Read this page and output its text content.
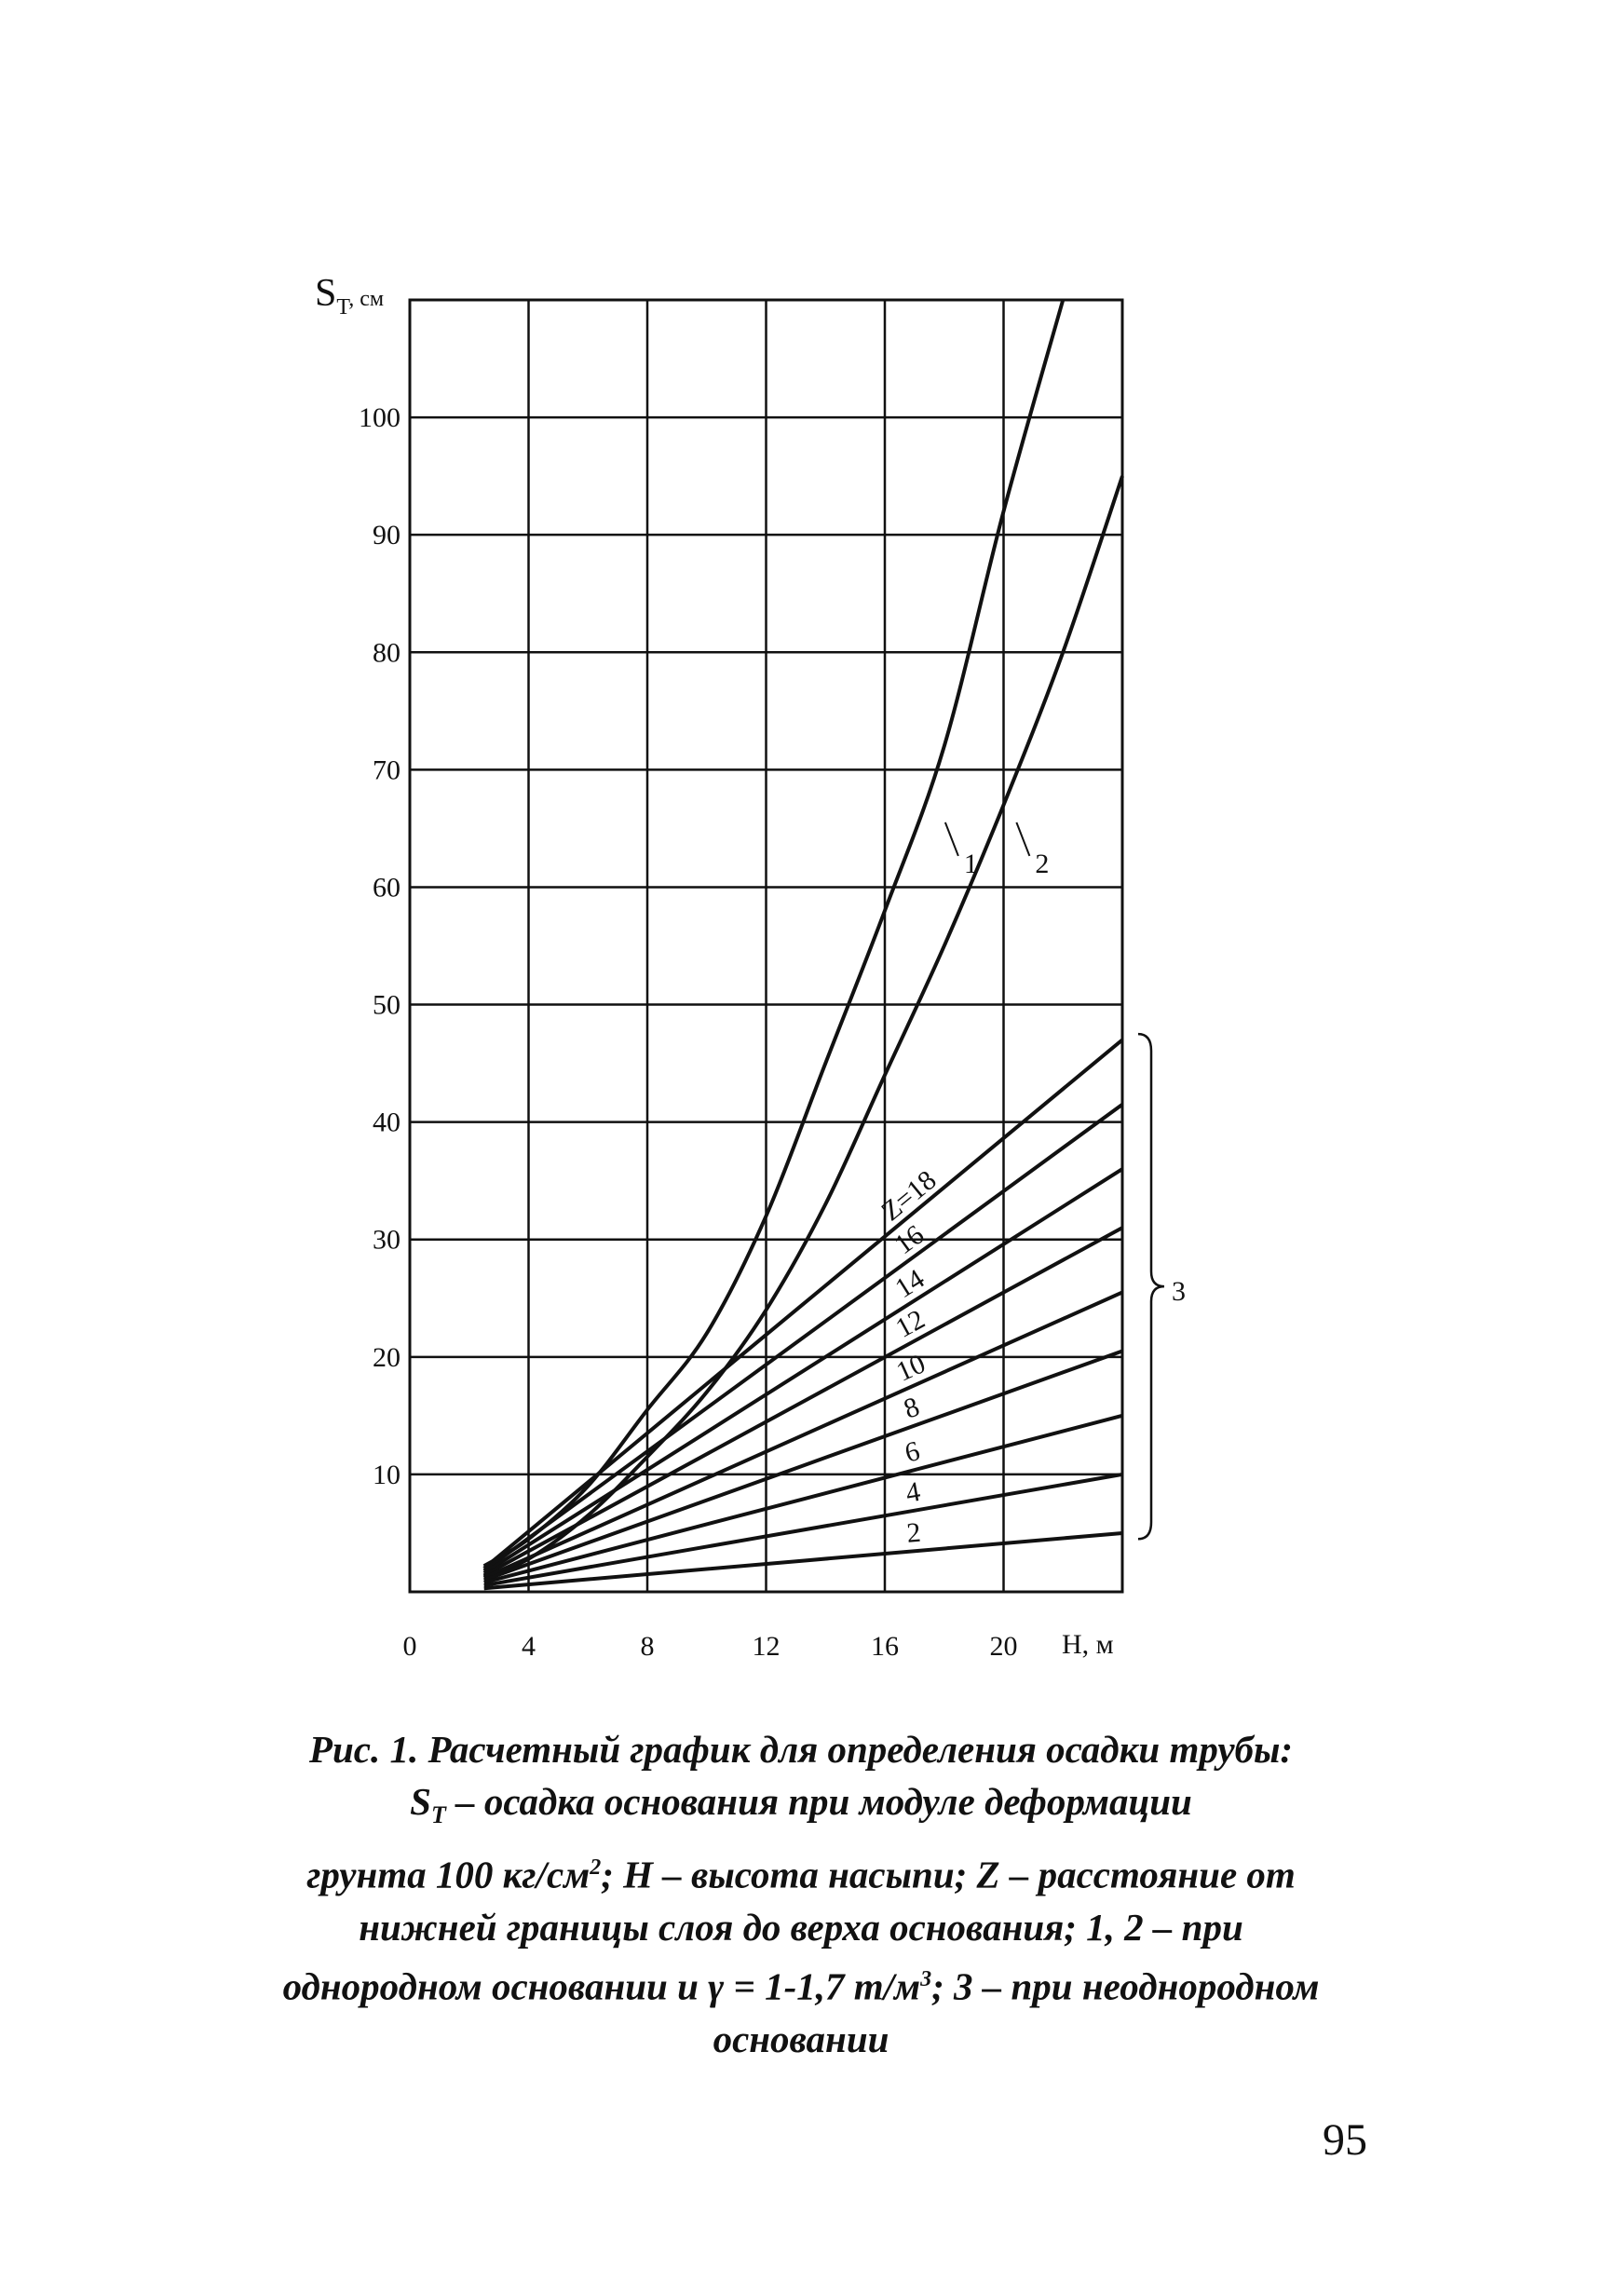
10
20
30
40
50
60
70
80
90
100
0	4	8	12	16	20
Z=18
16
14
12
10
8
6
4
2
1 2
$S_T^{, см}$
H, м
3
Рис. 1. Расчетный график для определения осадки трубы:
$S_Т$ – осадка основания при модуле деформации
грунта 100 $кг/см^2$; H – высота насыпи; Z – расстояние от
нижней границы слоя до верха основания; 1, 2 – при
однородном основании и γ = 1-1,7 $т/м^3$; 3 – при неоднородном
основании
95
